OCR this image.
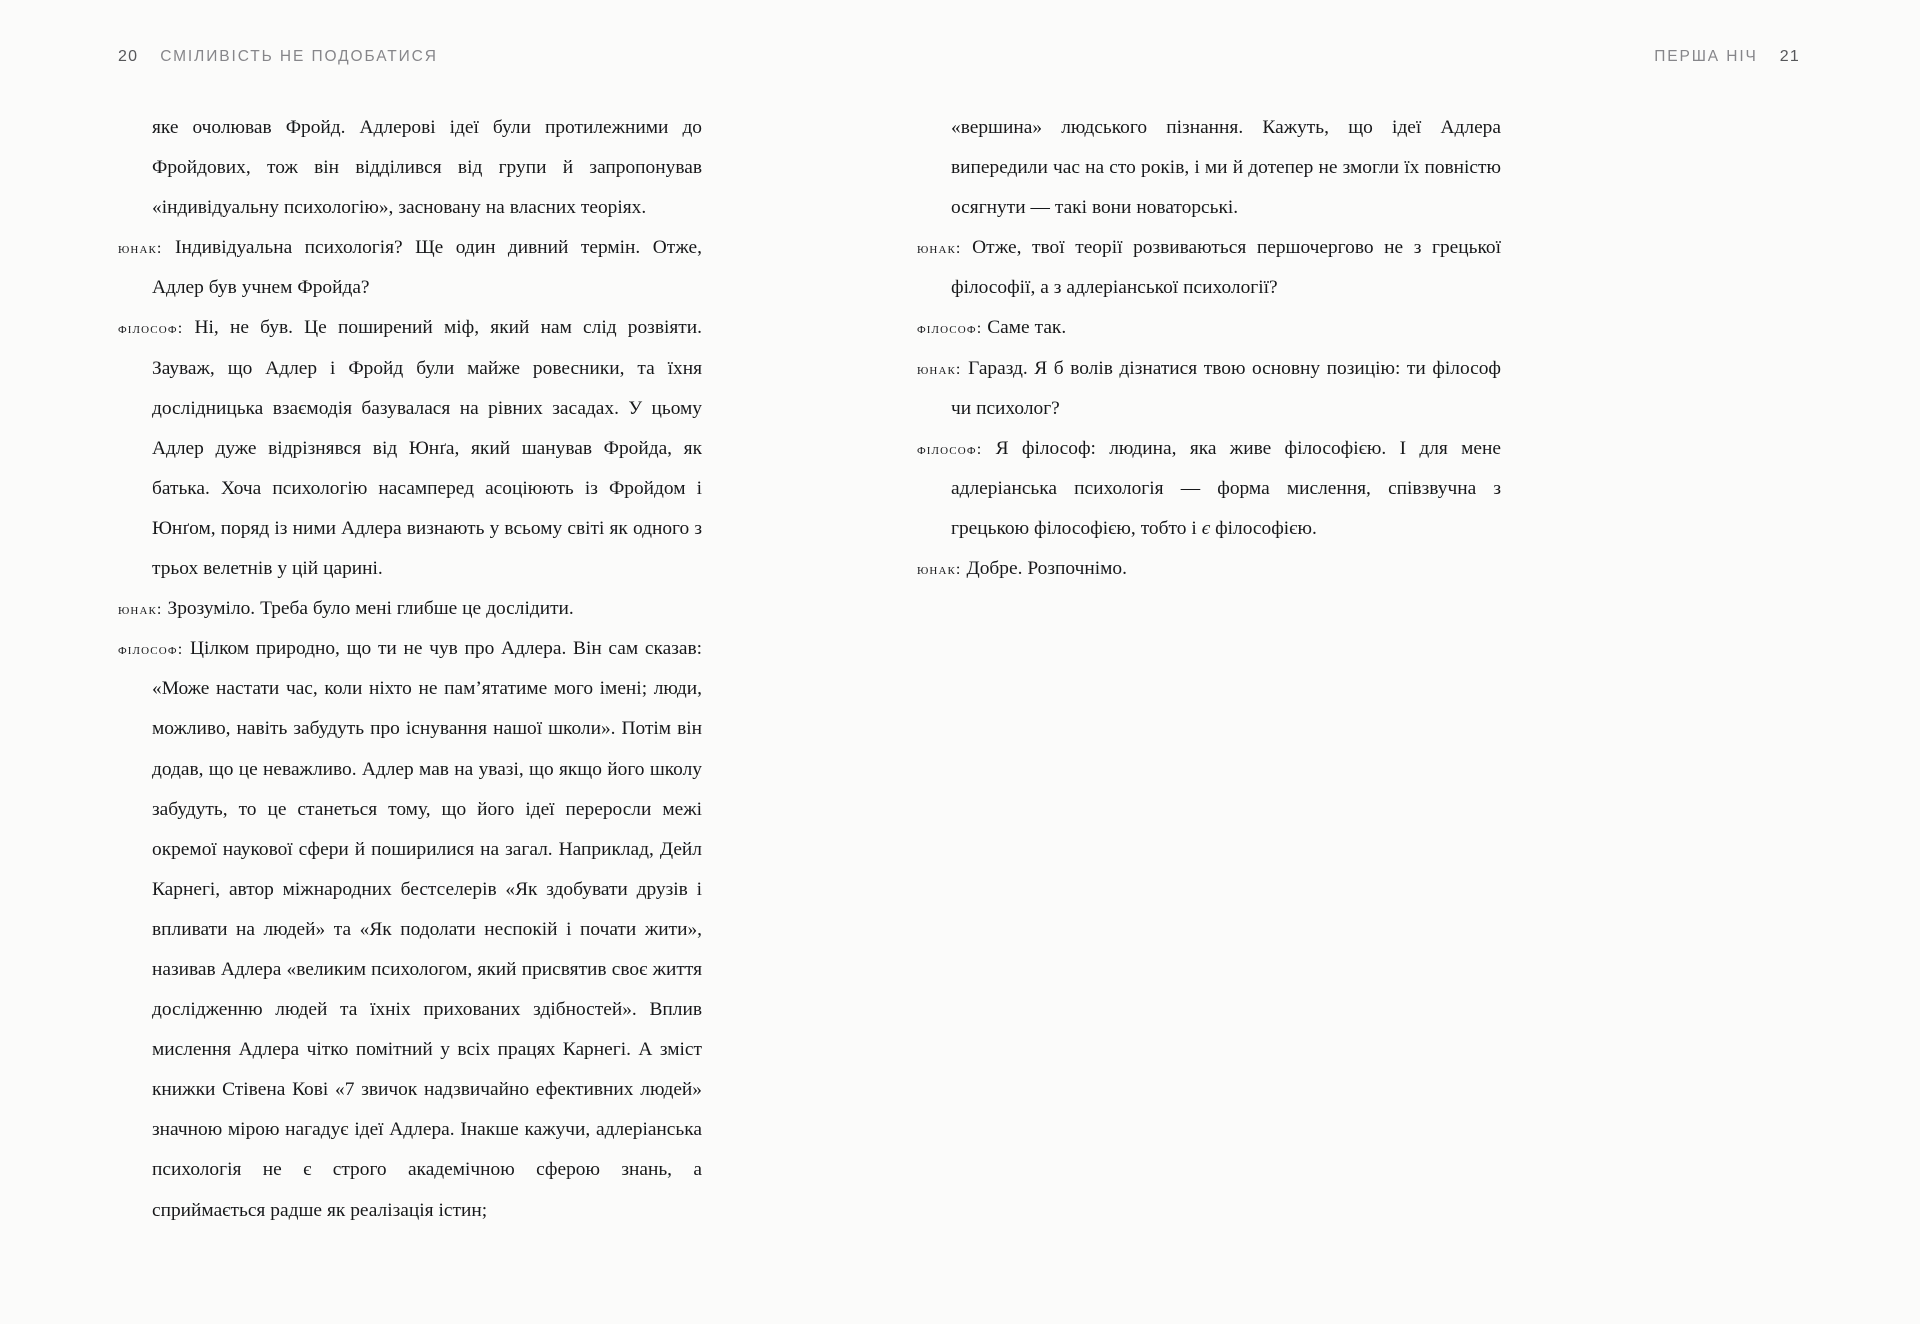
20 СМІЛИВІСТЬ НЕ ПОДОБАТИСЯ	ПЕРША НІЧ 21

яке очолював Фройд. Адлерові ідеї були протилежними до Фройдових, тож він відділився від групи й запропонував «індивідуальну психологію», засновану на власних теоріях.

юнак: Індивідуальна психологія? Ще один дивний термін. Отже, Адлер був учнем Фройда?

філософ: Ні, не був. Це поширений міф, який нам слід розвіяти. Зауваж, що Адлер і Фройд були майже ровесники, та їхня дослідницька взаємодія базувалася на рівних засадах. У цьому Адлер дуже відрізнявся від Юнґа, який шанував Фройда, як батька. Хоча психологію насамперед асоціюють із Фройдом і Юнґом, поряд із ними Адлера визнають у всьому світі як одного з трьох велетнів у цій царині.

юнак: Зрозуміло. Треба було мені глибше це дослідити.

філософ: Цілком природно, що ти не чув про Адлера. Він сам сказав: «Може настати час, коли ніхто не пам’ятатиме мого імені; люди, можливо, навіть забудуть про існування нашої школи». Потім він додав, що це неважливо. Адлер мав на увазі, що якщо його школу забудуть, то це станеться тому, що його ідеї переросли межі окремої наукової сфери й поширилися на загал. Наприклад, Дейл Карнегі, автор міжнародних бестселерів «Як здобувати друзів і впливати на людей» та «Як подолати неспокій і почати жити», називав Адлера «великим психологом, який присвятив своє життя дослідженню людей та їхніх прихованих здібностей». Вплив мислення Адлера чітко помітний у всіх працях Карнегі. А зміст книжки Стівена Кові «7 звичок надзвичайно ефективних людей» значною мірою нагадує ідеї Адлера. Інакше кажучи, адлеріанська психологія не є строго академічною сферою знань, а сприймається радше як реалізація істин;

«вершина» людського пізнання. Кажуть, що ідеї Адлера випередили час на сто років, і ми й дотепер не змогли їх повністю осягнути — такі вони новаторські.

юнак: Отже, твої теорії розвиваються першочергово не з грецької філософії, а з адлеріанської психології?

філософ: Саме так.

юнак: Гаразд. Я б волів дізнатися твою основну позицію: ти філософ чи психолог?

філософ: Я філософ: людина, яка живе філософією. І для мене адлеріанська психологія — форма мислення, співзвучна з грецькою філософією, тобто і є філософією.

юнак: Добре. Розпочнімо.
